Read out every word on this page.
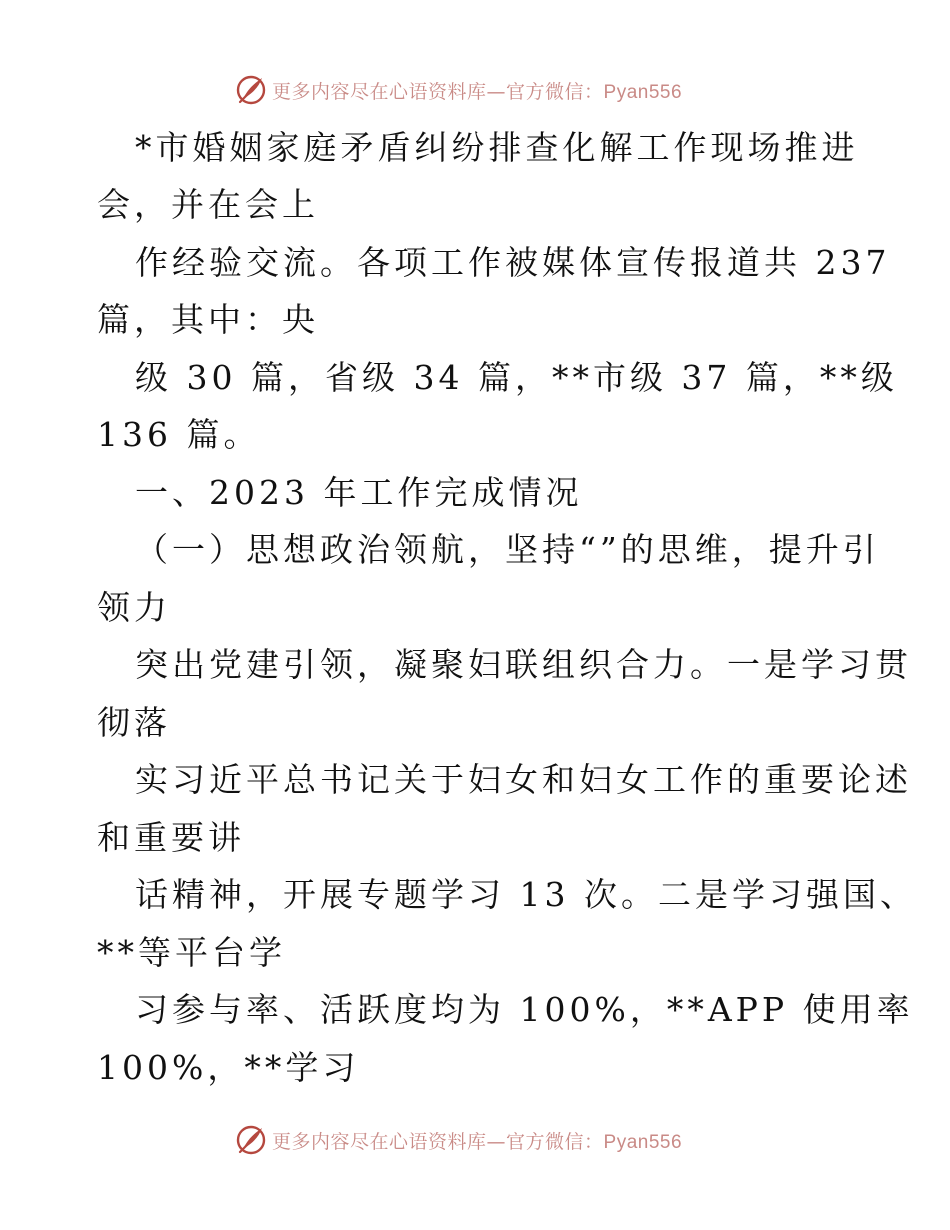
更多内容尽在心语资料库—官方微信：Pyan556
*市婚姻家庭矛盾纠纷排查化解工作现场推进
会，并在会上
作经验交流。各项工作被媒体宣传报道共 237
篇，其中：央
级 30 篇，省级 34 篇，**市级 37 篇，**级
136 篇。
一、2023 年工作完成情况
（一）思想政治领航，坚持“”的思维，提升引
领力
突出党建引领，凝聚妇联组织合力。一是学习贯
彻落
实习近平总书记关于妇女和妇女工作的重要论述
和重要讲
话精神，开展专题学习 13 次。二是学习强国、
**等平台学
习参与率、活跃度均为 100%，**APP 使用率
100%，**学习
更多内容尽在心语资料库—官方微信：Pyan556
